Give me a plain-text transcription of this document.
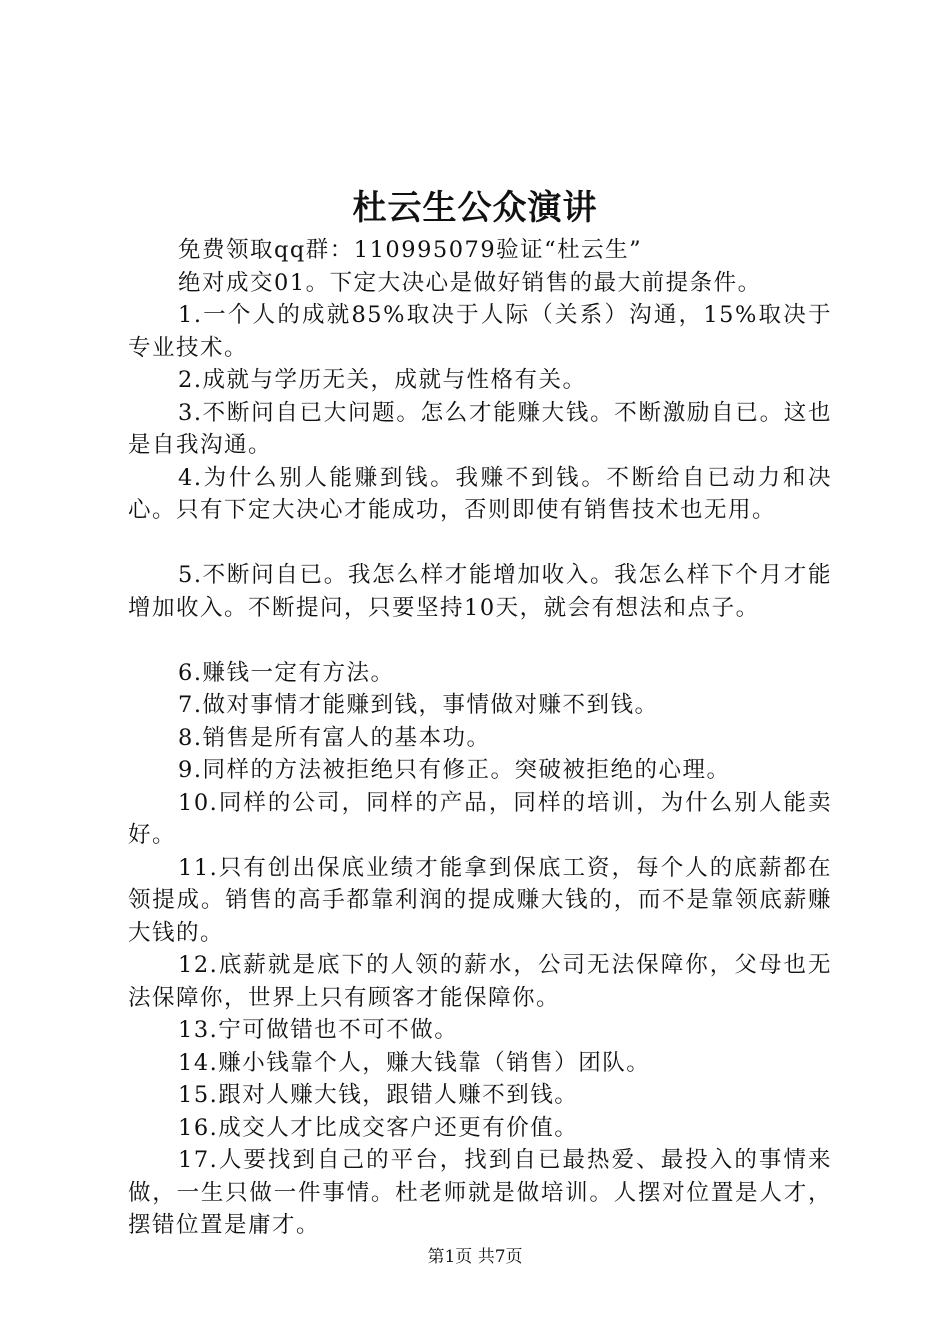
杜云生公众演讲

免费领取qq群：110995079验证“杜云生”

绝对成交01。下定大决心是做好销售的最大前提条件。

1.一个人的成就85%取决于人际（关系）沟通，15%取决于专业技术。

2.成就与学历无关，成就与性格有关。

3.不断问自已大问题。怎么才能赚大钱。不断激励自已。这也是自我沟通。

4.为什么别人能赚到钱。我赚不到钱。不断给自已动力和决心。只有下定大决心才能成功，否则即使有销售技术也无用。

5.不断问自已。我怎么样才能增加收入。我怎么样下个月才能增加收入。不断提问，只要坚持10天，就会有想法和点子。

6.赚钱一定有方法。

7.做对事情才能赚到钱，事情做对赚不到钱。

8.销售是所有富人的基本功。

9.同样的方法被拒绝只有修正。突破被拒绝的心理。

10.同样的公司，同样的产品，同样的培训，为什么别人能卖好。

11.只有创出保底业绩才能拿到保底工资，每个人的底薪都在领提成。销售的高手都靠利润的提成赚大钱的，而不是靠领底薪赚大钱的。

12.底薪就是底下的人领的薪水，公司无法保障你，父母也无法保障你，世界上只有顾客才能保障你。

13.宁可做错也不可不做。

14.赚小钱靠个人，赚大钱靠（销售）团队。

15.跟对人赚大钱，跟错人赚不到钱。

16.成交人才比成交客户还更有价值。

17.人要找到自己的平台，找到自已最热爱、最投入的事情来做，一生只做一件事情。杜老师就是做培训。人摆对位置是人才，摆错位置是庸才。

第1页 共7页
